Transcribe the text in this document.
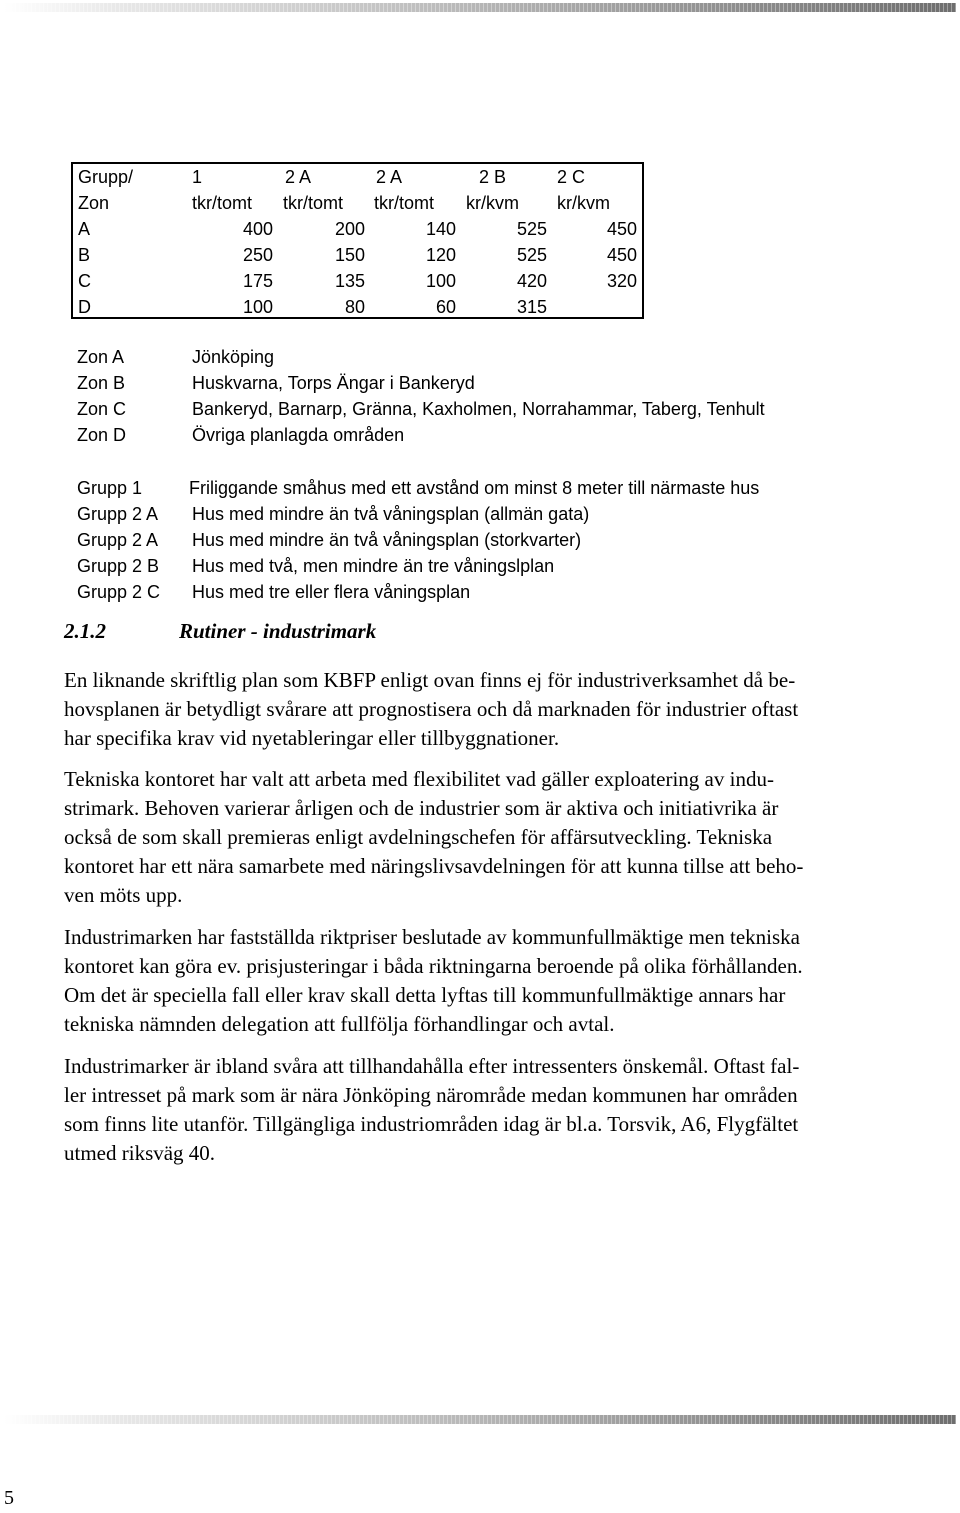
Grupp/	1	2 A	2 A	2 B	2 C
Zon	tkr/tomt tkr/tomt tkr/tomt kr/kvm kr/kvm
A	400	200	140	525	450
B	250	150	120	525	450
C	175	135	100	420	320
D	100	80	60	315
Zon A	Jönköping
Zon B	Huskvarna, Torps Ängar i Bankeryd
Zon C	Bankeryd, Barnarp, Gränna, Kaxholmen, Norrahammar, Taberg, Tenhult
Zon D	Övriga planlagda områden
Grupp 1	Friliggande småhus med ett avstånd om minst 8 meter till närmaste hus
Grupp 2 A Hus med mindre än två våningsplan (allmän gata)
Grupp 2 A Hus med mindre än två våningsplan (storkvarter)
Grupp 2 B Hus med två, men mindre än tre våningslplan
Grupp 2 C Hus med tre eller flera våningsplan
2.1.2	Rutiner - industrimark
En liknande skriftlig plan som KBFP enligt ovan finns ej för industriverksamhet då be-
hovsplanen är betydligt svårare att prognostisera och då marknaden för industrier oftast
har specifika krav vid nyetableringar eller tillbyggnationer.
Tekniska kontoret har valt att arbeta med flexibilitet vad gäller exploatering av indu-
strimark. Behoven varierar årligen och de industrier som är aktiva och initiativrika är
också de som skall premieras enligt avdelningschefen för affärsutveckling. Tekniska
kontoret har ett nära samarbete med näringslivsavdelningen för att kunna tillse att beho-
ven möts upp.
Industrimarken har fastställda riktpriser beslutade av kommunfullmäktige men tekniska
kontoret kan göra ev. prisjusteringar i båda riktningarna beroende på olika förhållanden.
Om det är speciella fall eller krav skall detta lyftas till kommunfullmäktige annars har
tekniska nämnden delegation att fullfölja förhandlingar och avtal.
Industrimarker är ibland svåra att tillhandahålla efter intressenters önskemål. Oftast fal-
ler intresset på mark som är nära Jönköping närområde medan kommunen har områden
som finns lite utanför. Tillgängliga industriområden idag är bl.a. Torsvik, A6, Flygfältet
utmed riksväg 40.
5
